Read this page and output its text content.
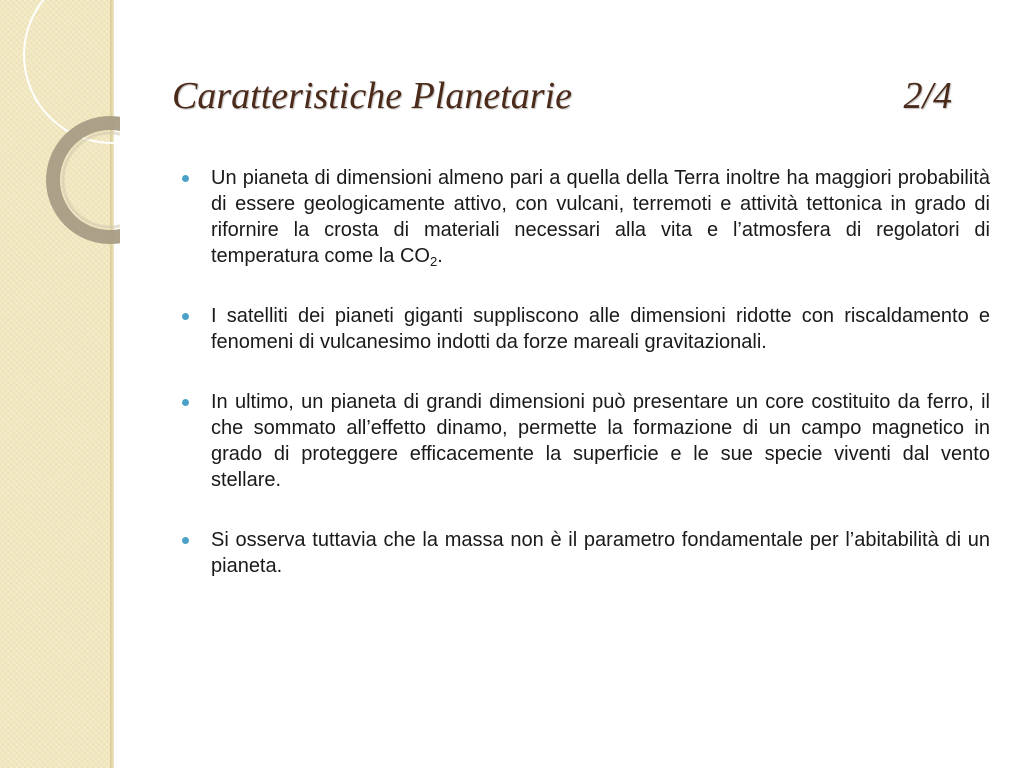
Caratteristiche Planetarie	2/4
Un pianeta di dimensioni almeno pari a quella della Terra inoltre ha maggiori probabilità di essere geologicamente attivo, con vulcani, terremoti e attività tettonica in grado di rifornire la crosta di materiali necessari alla vita e l’atmosfera di regolatori di temperatura come la $CO_2$.
I satelliti dei pianeti giganti suppliscono alle dimensioni ridotte con riscaldamento e fenomeni di vulcanesimo indotti da forze mareali gravitazionali.
In ultimo, un pianeta di grandi dimensioni può presentare un core costituito da ferro, il che sommato all’effetto dinamo, permette la formazione di un campo magnetico in grado di proteggere efficacemente la superficie e le sue specie viventi dal vento stellare.
Si osserva tuttavia che la massa non è il parametro fondamentale per l’abitabilità di un pianeta.
